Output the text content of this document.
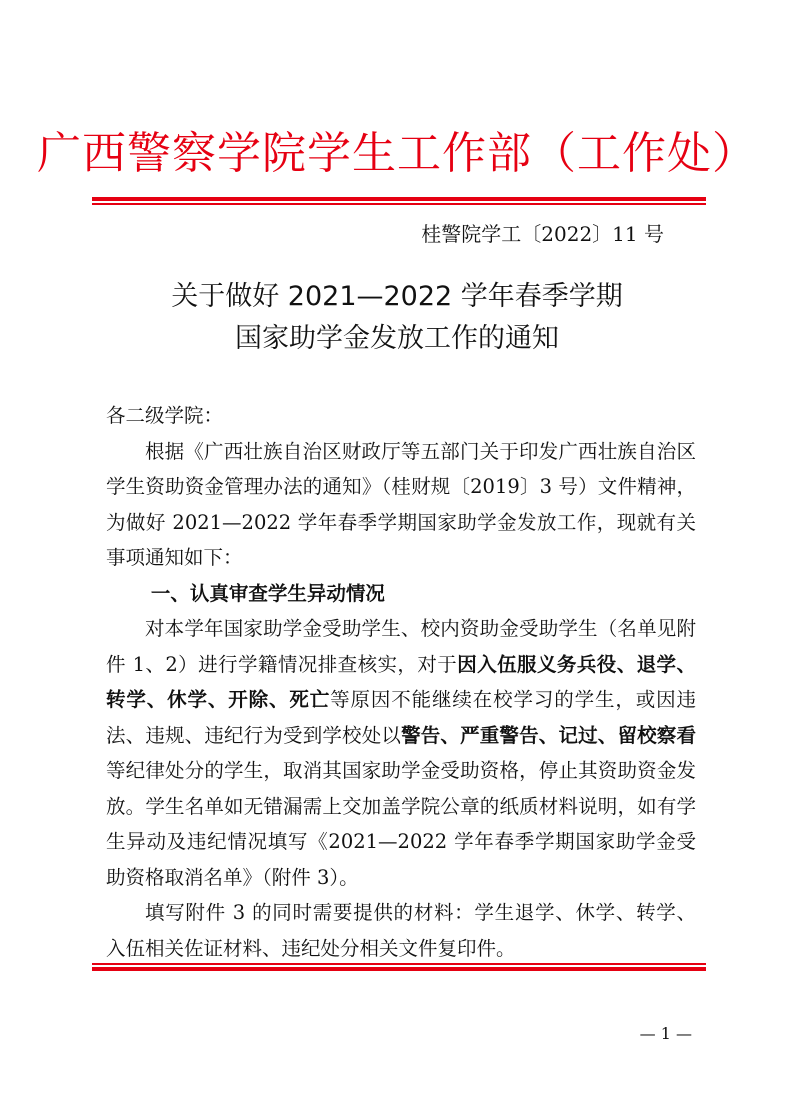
广西警察学院学生工作部（工作处）
桂警院学工〔2022〕11 号
关于做好 2021—2022 学年春季学期
国家助学金发放工作的通知

各二级学院：

根据《广西壮族自治区财政厅等五部门关于印发广西壮族自治区学生资助资金管理办法的通知》（桂财规〔2019〕3 号）文件精神，为做好 2021—2022 学年春季学期国家助学金发放工作，现就有关事项通知如下：

一、认真审查学生异动情况

对本学年国家助学金受助学生、校内资助金受助学生（名单见附件 1、2）进行学籍情况排查核实，对于因入伍服义务兵役、退学、转学、休学、开除、死亡等原因不能继续在校学习的学生，或因违法、违规、违纪行为受到学校处以警告、严重警告、记过、留校察看等纪律处分的学生，取消其国家助学金受助资格，停止其资助资金发放。学生名单如无错漏需上交加盖学院公章的纸质材料说明，如有学生异动及违纪情况填写《2021—2022 学年春季学期国家助学金受助资格取消名单》（附件 3）。

填写附件 3 的同时需要提供的材料：学生退学、休学、转学、入伍相关佐证材料、违纪处分相关文件复印件。

— 1 —
